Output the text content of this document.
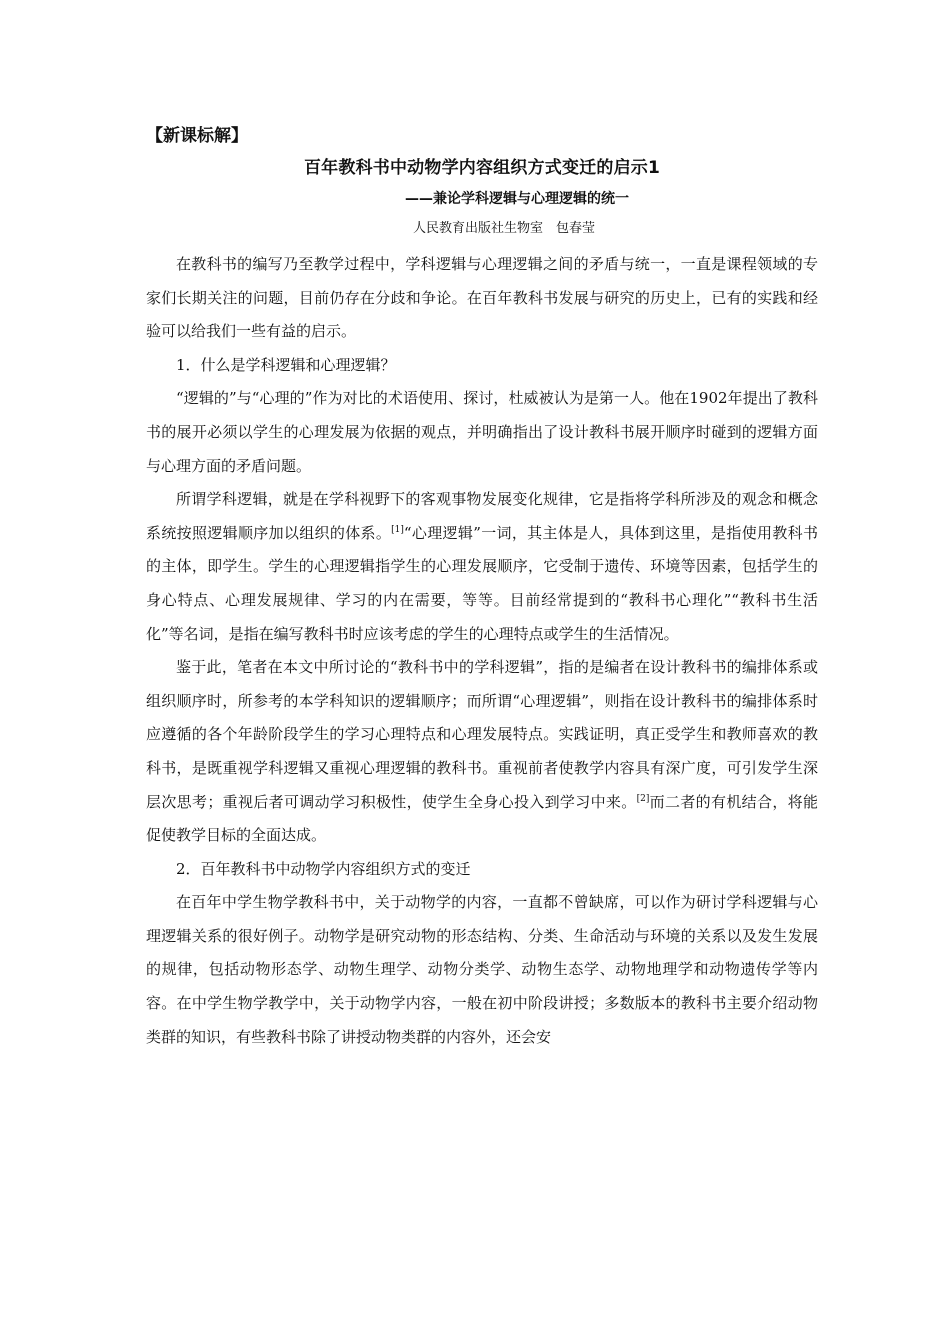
【新课标解】
百年教科书中动物学内容组织方式变迁的启示1
——兼论学科逻辑与心理逻辑的统一
人民教育出版社生物室　包春莹

在教科书的编写乃至教学过程中，学科逻辑与心理逻辑之间的矛盾与统一，一直是课程领域的专家们长期关注的问题，目前仍存在分歧和争论。在百年教科书发展与研究的历史上，已有的实践和经验可以给我们一些有益的启示。

1．什么是学科逻辑和心理逻辑？

“逻辑的”与“心理的”作为对比的术语使用、探讨，杜威被认为是第一人。他在1902年提出了教科书的展开必须以学生的心理发展为依据的观点，并明确指出了设计教科书展开顺序时碰到的逻辑方面与心理方面的矛盾问题。

所谓学科逻辑，就是在学科视野下的客观事物发展变化规律，它是指将学科所涉及的观念和概念系统按照逻辑顺序加以组织的体系。[1]“心理逻辑”一词，其主体是人，具体到这里，是指使用教科书的主体，即学生。学生的心理逻辑指学生的心理发展顺序，它受制于遗传、环境等因素，包括学生的身心特点、心理发展规律、学习的内在需要，等等。目前经常提到的“教科书心理化”“教科书生活化”等名词，是指在编写教科书时应该考虑的学生的心理特点或学生的生活情况。

鉴于此，笔者在本文中所讨论的“教科书中的学科逻辑”，指的是编者在设计教科书的编排体系或组织顺序时，所参考的本学科知识的逻辑顺序；而所谓“心理逻辑”，则指在设计教科书的编排体系时应遵循的各个年龄阶段学生的学习心理特点和心理发展特点。实践证明，真正受学生和教师喜欢的教科书，是既重视学科逻辑又重视心理逻辑的教科书。重视前者使教学内容具有深广度，可引发学生深层次思考；重视后者可调动学习积极性，使学生全身心投入到学习中来。[2]而二者的有机结合，将能促使教学目标的全面达成。

2．百年教科书中动物学内容组织方式的变迁

在百年中学生物学教科书中，关于动物学的内容，一直都不曾缺席，可以作为研讨学科逻辑与心理逻辑关系的很好例子。动物学是研究动物的形态结构、分类、生命活动与环境的关系以及发生发展的规律，包括动物形态学、动物生理学、动物分类学、动物生态学、动物地理学和动物遗传学等内容。在中学生物学教学中，关于动物学内容，一般在初中阶段讲授；多数版本的教科书主要介绍动物类群的知识，有些教科书除了讲授动物类群的内容外，还会安
